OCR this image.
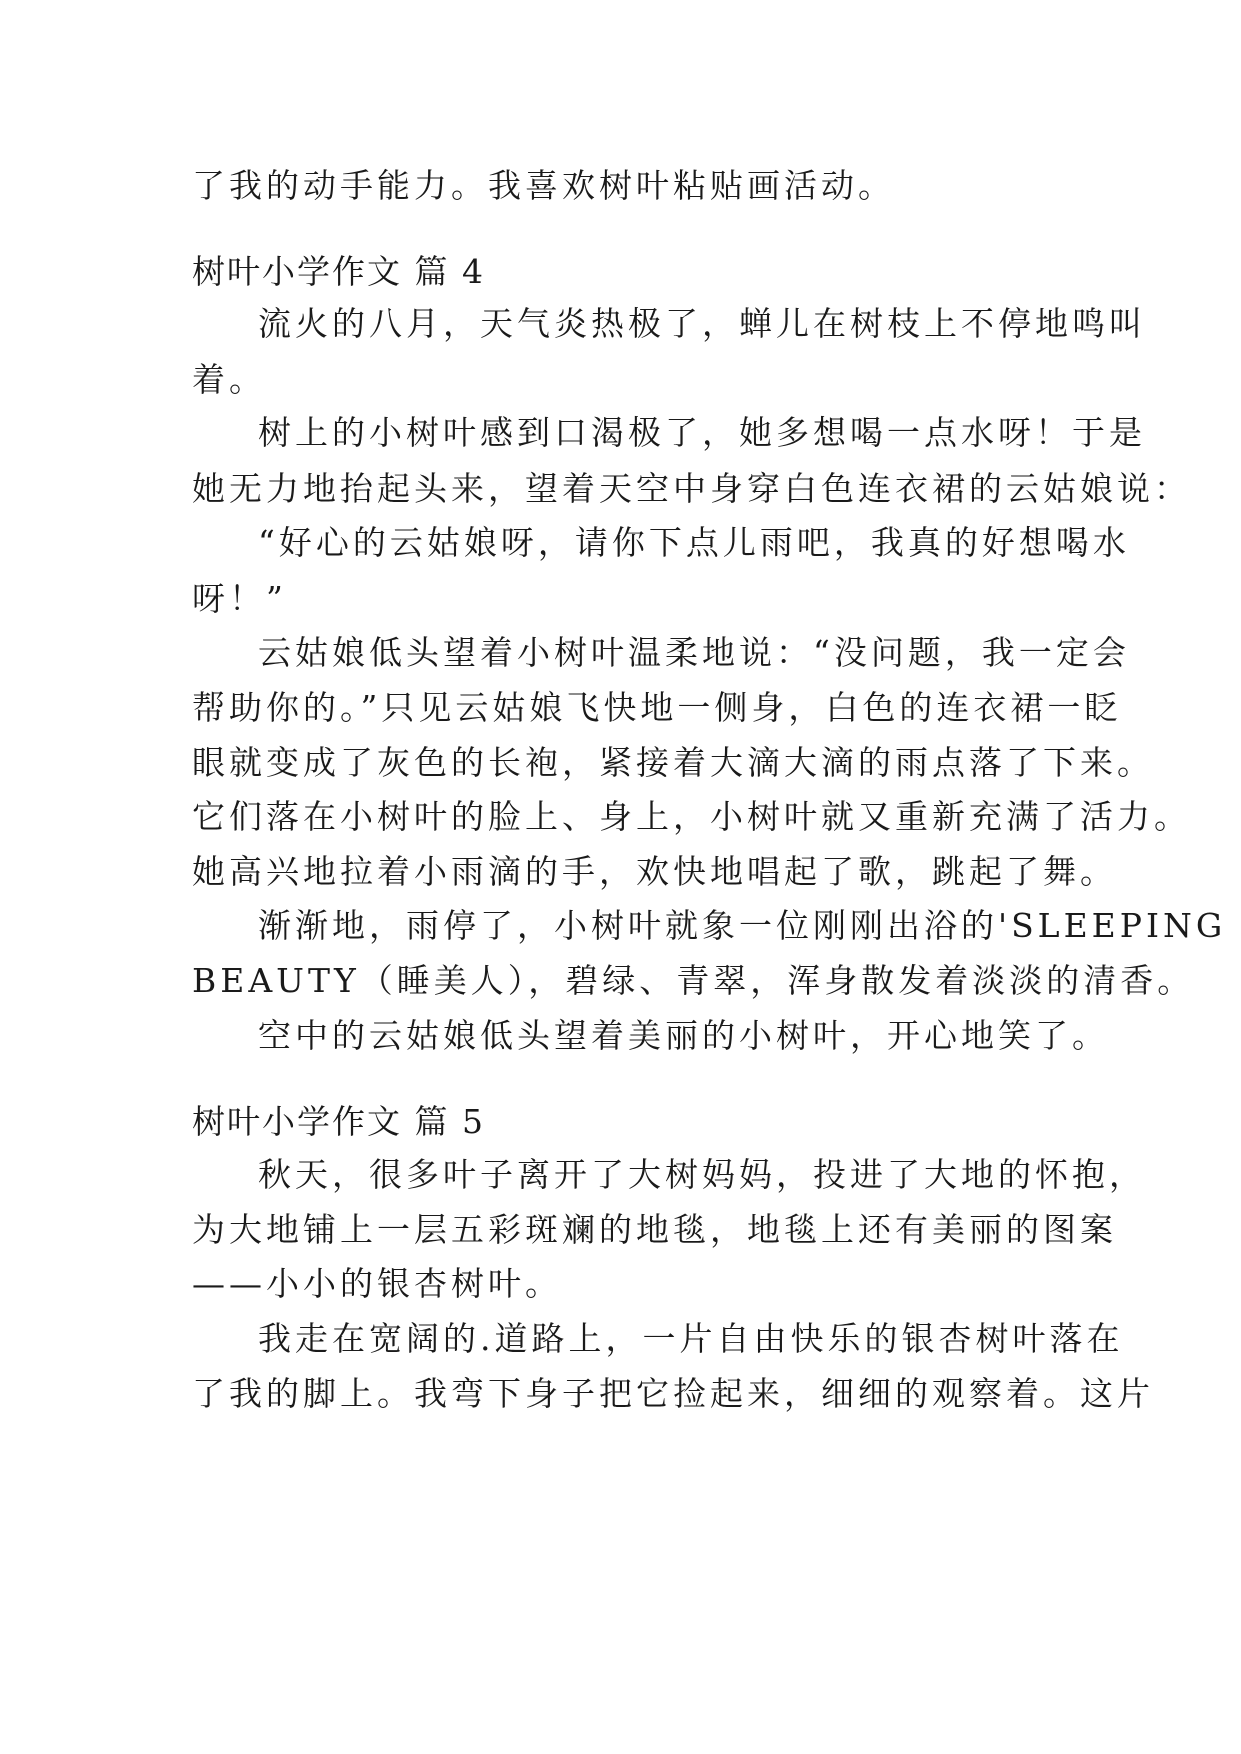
了我的动手能力。我喜欢树叶粘贴画活动。
树叶小学作文 篇 4
流火的八月，天气炎热极了，蝉儿在树枝上不停地鸣叫
着。
树上的小树叶感到口渴极了，她多想喝一点水呀！于是
她无力地抬起头来，望着天空中身穿白色连衣裙的云姑娘说：
“好心的云姑娘呀，请你下点儿雨吧，我真的好想喝水
呀！”
云姑娘低头望着小树叶温柔地说：“没问题，我一定会
帮助你的。”只见云姑娘飞快地一侧身，白色的连衣裙一眨
眼就变成了灰色的长袍，紧接着大滴大滴的雨点落了下来。
它们落在小树叶的脸上、身上，小树叶就又重新充满了活力。
她高兴地拉着小雨滴的手，欢快地唱起了歌，跳起了舞。
渐渐地，雨停了，小树叶就象一位刚刚出浴的'SLEEPING
BEAUTY（睡美人），碧绿、青翠，浑身散发着淡淡的清香。
空中的云姑娘低头望着美丽的小树叶，开心地笑了。
树叶小学作文 篇 5
秋天，很多叶子离开了大树妈妈，投进了大地的怀抱，
为大地铺上一层五彩斑斓的地毯，地毯上还有美丽的图案
——小小的银杏树叶。
我走在宽阔的.道路上，一片自由快乐的银杏树叶落在
了我的脚上。我弯下身子把它捡起来，细细的观察着。这片
